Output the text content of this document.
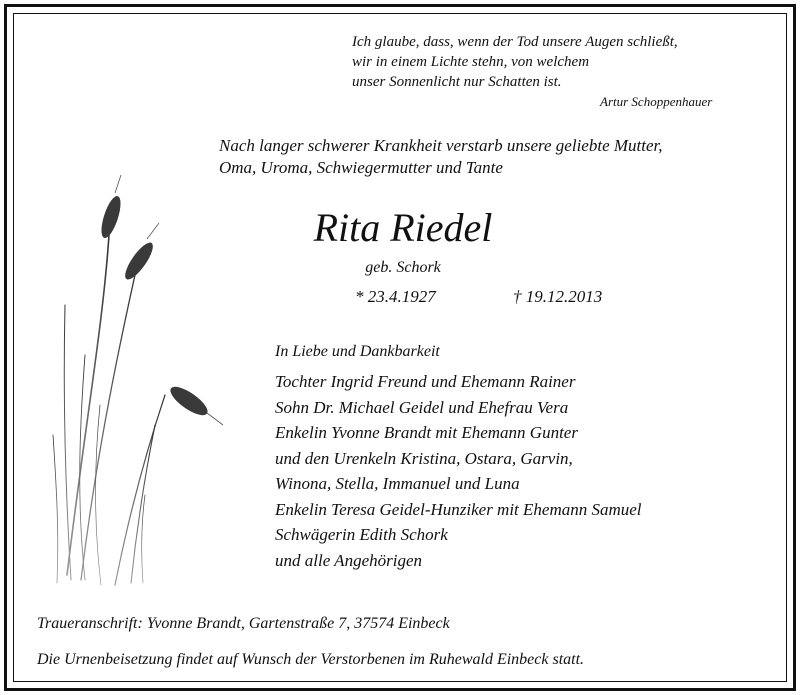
Ich glaube, dass, wenn der Tod unsere Augen schließt,
wir in einem Lichte stehn, von welchem
unser Sonnenlicht nur Schatten ist.
Artur Schoppenhauer
Nach langer schwerer Krankheit verstarb unsere geliebte Mutter,
Oma, Uroma, Schwiegermutter und Tante
Rita Riedel
geb. Schork
* 23.4.1927	† 19.12.2013
In Liebe und Dankbarkeit
Tochter Ingrid Freund und Ehemann Rainer
Sohn Dr. Michael Geidel und Ehefrau Vera
Enkelin Yvonne Brandt mit Ehemann Gunter
und den Urenkeln Kristina, Ostara, Garvin,
Winona, Stella, Immanuel und Luna
Enkelin Teresa Geidel-Hunziker mit Ehemann Samuel
Schwägerin Edith Schork
und alle Angehörigen
Traueranschrift: Yvonne Brandt, Gartenstraße 7, 37574 Einbeck
Die Urnenbeisetzung findet auf Wunsch der Verstorbenen im Ruhewald Einbeck statt.
